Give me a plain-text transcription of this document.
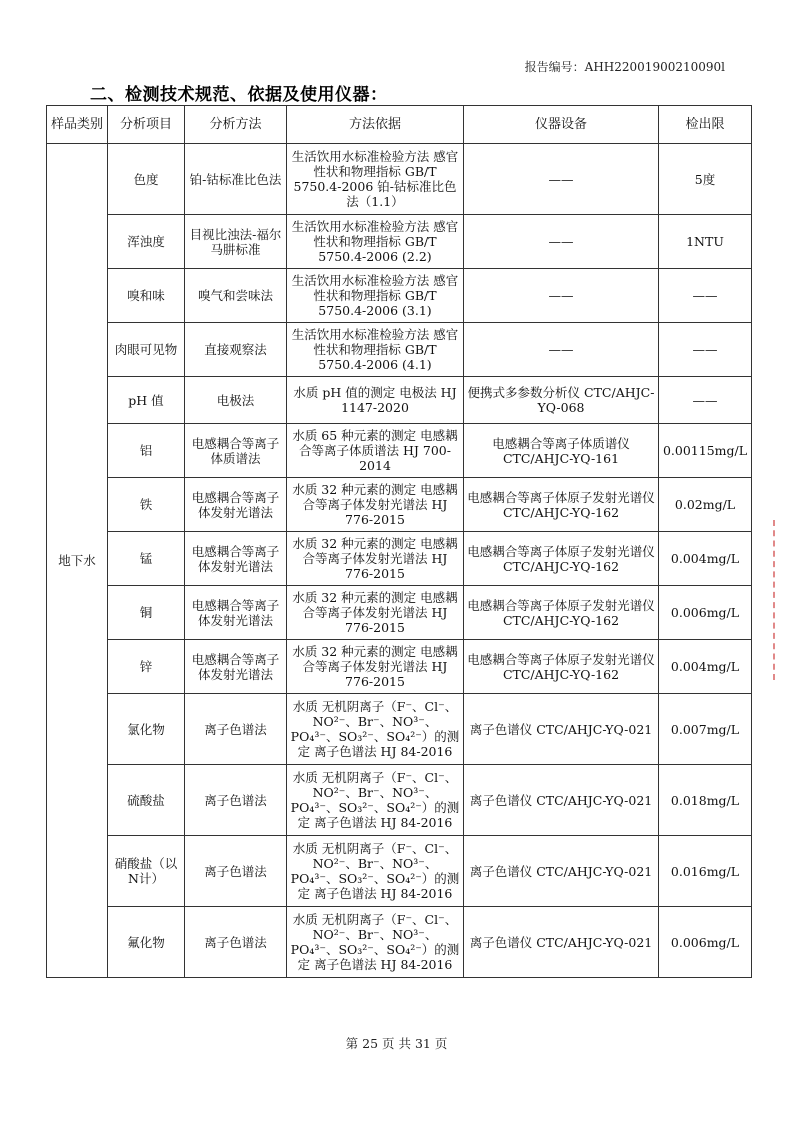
报告编号：AHH22001900210090l
二、检测技术规范、依据及使用仪器：
样品类别	分析项目	分析方法	方法依据	仪器设备	检出限
地下水	色度	铂-钴标准比色法	生活饮用水标准检验方法 感官性状和物理指标 GB/T 5750.4-2006 铂-钴标准比色法（1.1）	——	5度
	浑浊度	目视比浊法-福尔马肼标准	生活饮用水标准检验方法 感官性状和物理指标 GB/T 5750.4-2006 (2.2)	——	1NTU
	嗅和味	嗅气和尝味法	生活饮用水标准检验方法 感官性状和物理指标 GB/T 5750.4-2006 (3.1)	——	——
	肉眼可见物	直接观察法	生活饮用水标准检验方法 感官性状和物理指标 GB/T 5750.4-2006 (4.1)	——	——
	pH 值	电极法	水质 pH 值的测定 电极法 HJ 1147-2020	便携式多参数分析仪 CTC/AHJC-YQ-068	——
	铝	电感耦合等离子体质谱法	水质 65 种元素的测定 电感耦合等离子体质谱法 HJ 700-2014	电感耦合等离子体质谱仪 CTC/AHJC-YQ-161	0.00115mg/L
	铁	电感耦合等离子体发射光谱法	水质 32 种元素的测定 电感耦合等离子体发射光谱法 HJ 776-2015	电感耦合等离子体原子发射光谱仪 CTC/AHJC-YQ-162	0.02mg/L
	锰	电感耦合等离子体发射光谱法	水质 32 种元素的测定 电感耦合等离子体发射光谱法 HJ 776-2015	电感耦合等离子体原子发射光谱仪 CTC/AHJC-YQ-162	0.004mg/L
	铜	电感耦合等离子体发射光谱法	水质 32 种元素的测定 电感耦合等离子体发射光谱法 HJ 776-2015	电感耦合等离子体原子发射光谱仪 CTC/AHJC-YQ-162	0.006mg/L
	锌	电感耦合等离子体发射光谱法	水质 32 种元素的测定 电感耦合等离子体发射光谱法 HJ 776-2015	电感耦合等离子体原子发射光谱仪 CTC/AHJC-YQ-162	0.004mg/L
	氯化物	离子色谱法	水质 无机阴离子（F⁻、Cl⁻、NO²⁻、Br⁻、NO³⁻、PO₄³⁻、SO₃²⁻、SO₄²⁻）的测定 离子色谱法 HJ 84-2016	离子色谱仪 CTC/AHJC-YQ-021	0.007mg/L
	硫酸盐	离子色谱法	水质 无机阴离子（F⁻、Cl⁻、NO²⁻、Br⁻、NO³⁻、PO₄³⁻、SO₃²⁻、SO₄²⁻）的测定 离子色谱法 HJ 84-2016	离子色谱仪 CTC/AHJC-YQ-021	0.018mg/L
	硝酸盐（以N计）	离子色谱法	水质 无机阴离子（F⁻、Cl⁻、NO²⁻、Br⁻、NO³⁻、PO₄³⁻、SO₃²⁻、SO₄²⁻）的测定 离子色谱法 HJ 84-2016	离子色谱仪 CTC/AHJC-YQ-021	0.016mg/L
	氟化物	离子色谱法	水质 无机阴离子（F⁻、Cl⁻、NO²⁻、Br⁻、NO³⁻、PO₄³⁻、SO₃²⁻、SO₄²⁻）的测定 离子色谱法 HJ 84-2016	离子色谱仪 CTC/AHJC-YQ-021	0.006mg/L
第 25 页 共 31 页
